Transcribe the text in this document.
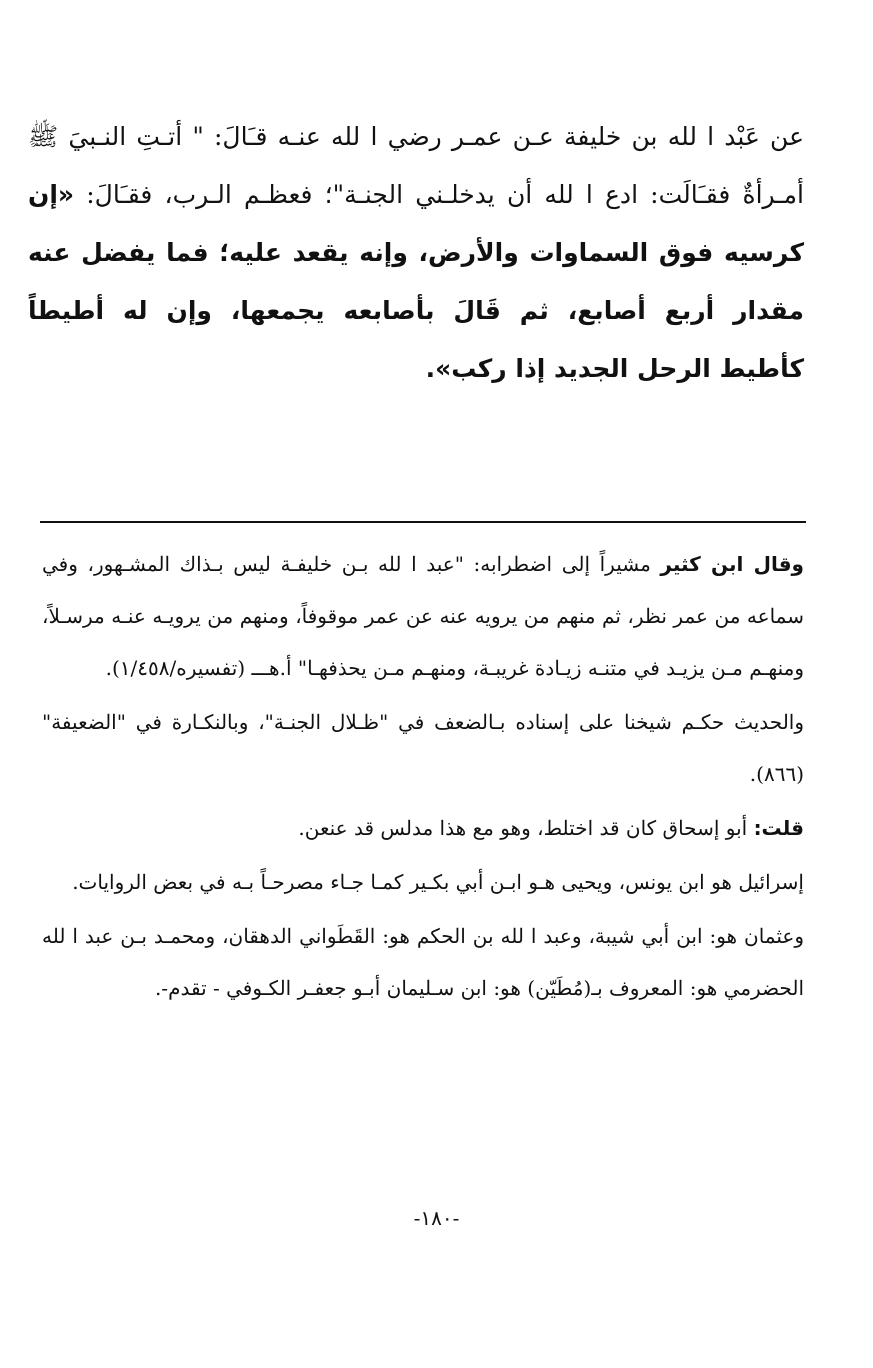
عن عَبْد ا لله بن خليفة عـن عمـر رضي ا لله عنـه قـَالَ: " أتـتِ النـبيَ ﷺ أمـرأةٌ فقـَالَت: ادع ا لله أن يدخلـني الجنـة"؛ فعظـم الـرب، فقـَالَ: «إن كرسيه فوق السماوات والأرض، وإنه يقعد عليه؛ فما يفضل عنه مقدار أربع أصابع، ثم قَالَ بأصابعه يجمعها، وإن له أطيطاً كأطيط الرحل الجديد إذا ركب».

وقال ابن كثير مشيراً إلى اضطرابه: "عبد ا لله بـن خليفـة ليس بـذاك المشـهور، وفي سماعه من عمر نظر، ثم منهم من يرويه عنه عن عمر موقوفاً، ومنهم من يرويـه عنـه مرسـلاً، ومنهـم مـن يزيـد في متنـه زيـادة غريبـة، ومنهـم مـن يحذفهـا" أ.هـــ (تفسيره/١/٤٥٨).

والحديث حكـم شيخنا على إسناده بـالضعف في "ظـلال الجنـة"، وبالنكـارة في "الضعيفة" (٨٦٦).

قلت: أبو إسحاق كان قد اختلط، وهو مع هذا مدلس قد عنعن.

إسرائيل هو ابن يونس، ويحيى هـو ابـن أبي بكـير كمـا جـاء مصرحـاً بـه في بعض الروايات.

وعثمان هو: ابن أبي شيبة، وعبد ا لله بن الحكم هو: القَطَواني الدهقان، ومحمـد بـن عبد ا لله الحضرمي هو: المعروف بـ(مُطَيّن) هو: ابن سـليمان أبـو جعفـر الكـوفي - تقدم-.

-١٨٠-
